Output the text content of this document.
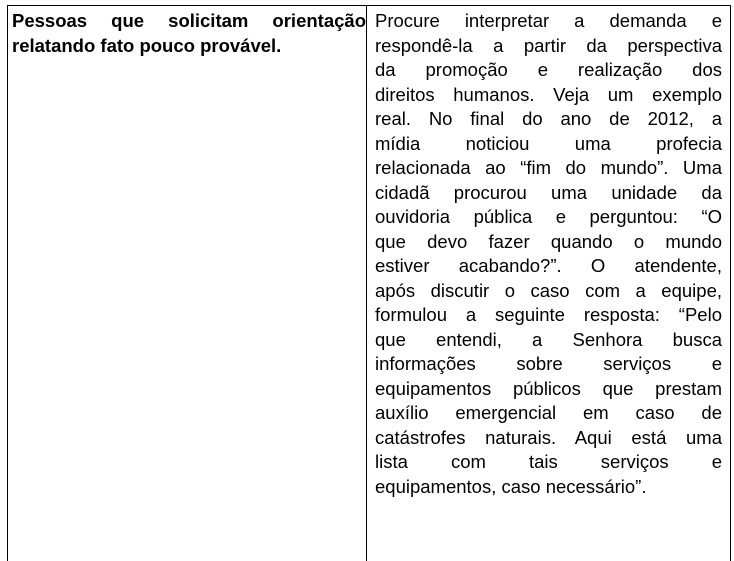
Pessoas que solicitam orientação
relatando fato pouco provável.

Procure interpretar a demanda e
respondê-la a partir da perspectiva
da promoção e realização dos
direitos humanos. Veja um exemplo
real. No final do ano de 2012, a
mídia noticiou uma profecia
relacionada ao “fim do mundo”. Uma
cidadã procurou uma unidade da
ouvidoria pública e perguntou: “O
que devo fazer quando o mundo
estiver acabando?”. O atendente,
após discutir o caso com a equipe,
formulou a seguinte resposta: “Pelo
que entendi, a Senhora busca
informações sobre serviços e
equipamentos públicos que prestam
auxílio emergencial em caso de
catástrofes naturais. Aqui está uma
lista com tais serviços e
equipamentos, caso necessário”.
